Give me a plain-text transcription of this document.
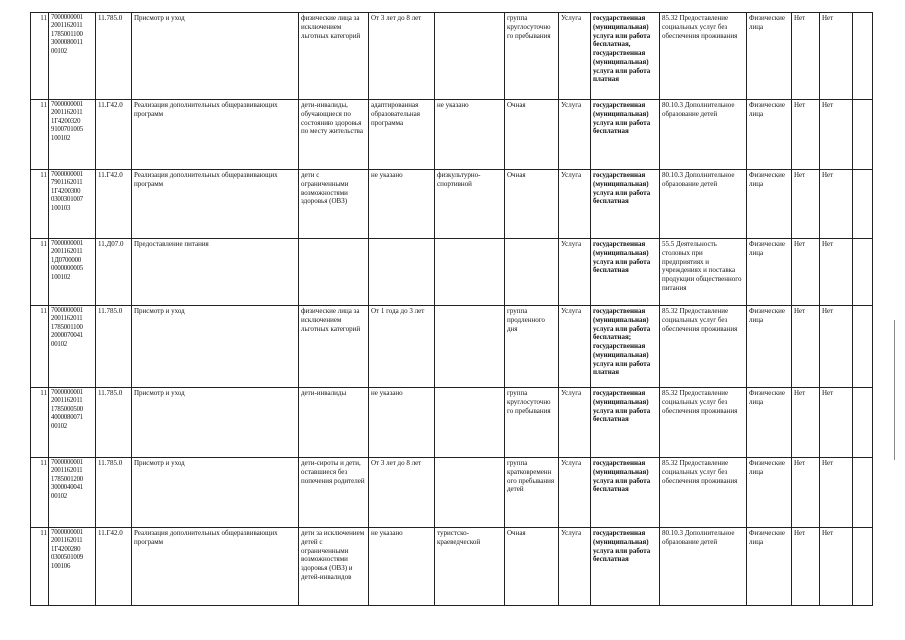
11	7000000001 2001162011 1785001100 3000080011 00102	11.785.0	Присмотр и уход	физические лица за исключением льготных категорий	От 3 лет до 8 лет		группа круглосуточно го пребывания	Услуга	государственная (муниципальная) услуга или работа бесплатная, государственная (муниципальная) услуга или работа платная	85.32 Предоставление социальных услуг без обеспечения проживания	Физические лица	Нет	Нет	
11	7000000001 2001162011 1Г4200320 9100701005 100102	11.Г42.0	Реализация дополнительных общеразвивающих программ	дети-инвалиды, обучающиеся по состоянию здоровья по месту жительства	адаптированная образовательная программа	не указано	Очная	Услуга	государственная (муниципальная) услуга или работа бесплатная	80.10.3 Дополнительное образование детей	Физические лица	Нет	Нет	
11	7000000001 7901162011 1Г4200300 0300301007 100103	11.Г42.0	Реализация дополнительных общеразвивающих программ	дети с ограниченными возможностями здоровья (ОВЗ)	не указано	физкультурно-спортивной	Очная	Услуга	государственная (муниципальная) услуга или работа бесплатная	80.10.3 Дополнительное образование детей	Физические лица	Нет	Нет	
11	7000000001 2001162011 1Д0700000 0000000005 100102	11.Д07.0	Предоставление питания					Услуга	государственная (муниципальная) услуга или работа бесплатная	55.5 Деятельность столовых при предприятиях и учреждениях и поставка продукции общественного питания	Физические лица	Нет	Нет	
11	7000000001 2001162011 1785001100 2000070041 00102	11.785.0	Присмотр и уход	физические лица за исключением льготных категорий	От 1 года до 3 лет		группа продленного дня	Услуга	государственная (муниципальная) услуга или работа бесплатная; государственная (муниципальная) услуга или работа платная	85.32 Предоставление социальных услуг без обеспечения проживания	Физические лица	Нет	Нет	
11	7000000001 2001162011 1785000500 4000080071 00102	11.785.0	Присмотр и уход	дети-инвалиды	не указано		группа круглосуточно го пребывания	Услуга	государственная (муниципальная) услуга или работа бесплатная	85.32 Предоставление социальных услуг без обеспечения проживания	Физические лица	Нет	Нет	
11	7000000001 2001162011 1785001200 3000040041 00102	11.785.0	Присмотр и уход	дети-сироты и дети, оставшиеся без попечения родителей	От 3 лет до 8 лет		группа кратковременн ого пребывания детей	Услуга	государственная (муниципальная) услуга или работа бесплатная	85.32 Предоставление социальных услуг без обеспечения проживания	Физические лица	Нет	Нет	
11	7000000001 2001162011 1Г4200280 0300501009 100106	11.Г42.0	Реализация дополнительных общеразвивающих программ	дети за исключением детей с ограниченными возможностями здоровья (ОВЗ) и детей-инвалидов	не указано	туристско-краеведческой	Очная	Услуга	государственная (муниципальная) услуга или работа бесплатная	80.10.3 Дополнительное образование детей	Физические лица	Нет	Нет	
